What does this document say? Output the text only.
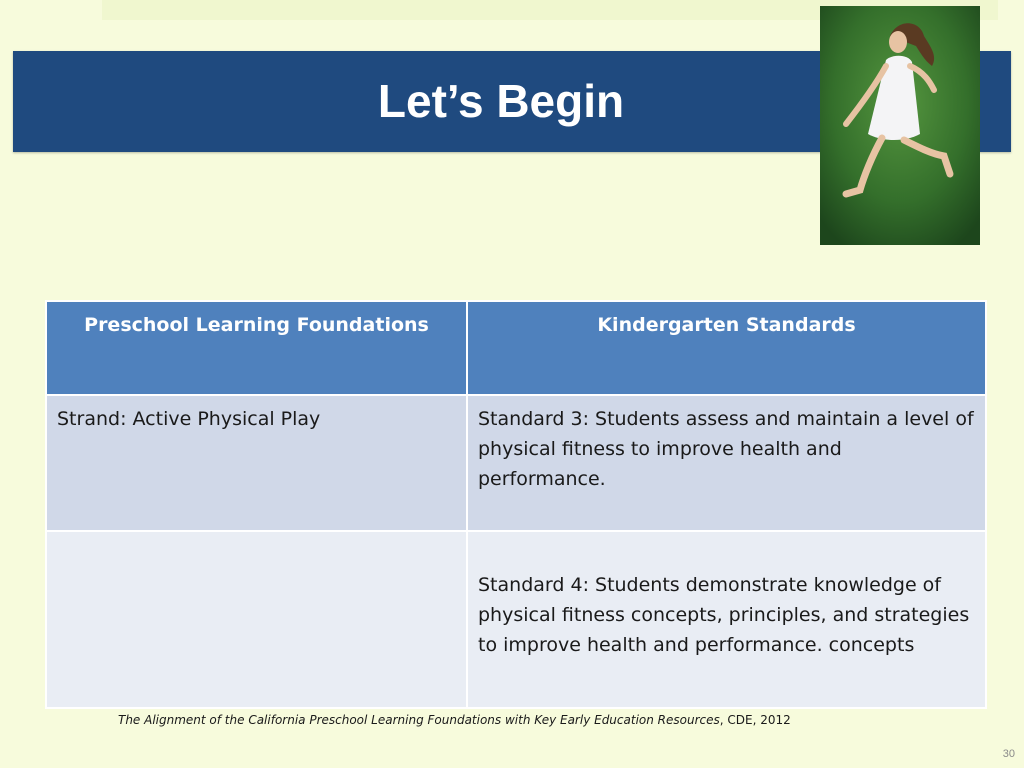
Let’s Begin
Preschool Learning Foundations	Kindergarten Standards
Strand: Active Physical Play	Standard 3: Students assess and maintain a level of physical fitness to improve health and performance.
	Standard 4: Students demonstrate knowledge of physical fitness concepts, principles, and strategies to improve health and performance. concepts
The Alignment of the California Preschool Learning Foundations with Key Early Education Resources, CDE, 2012
30
